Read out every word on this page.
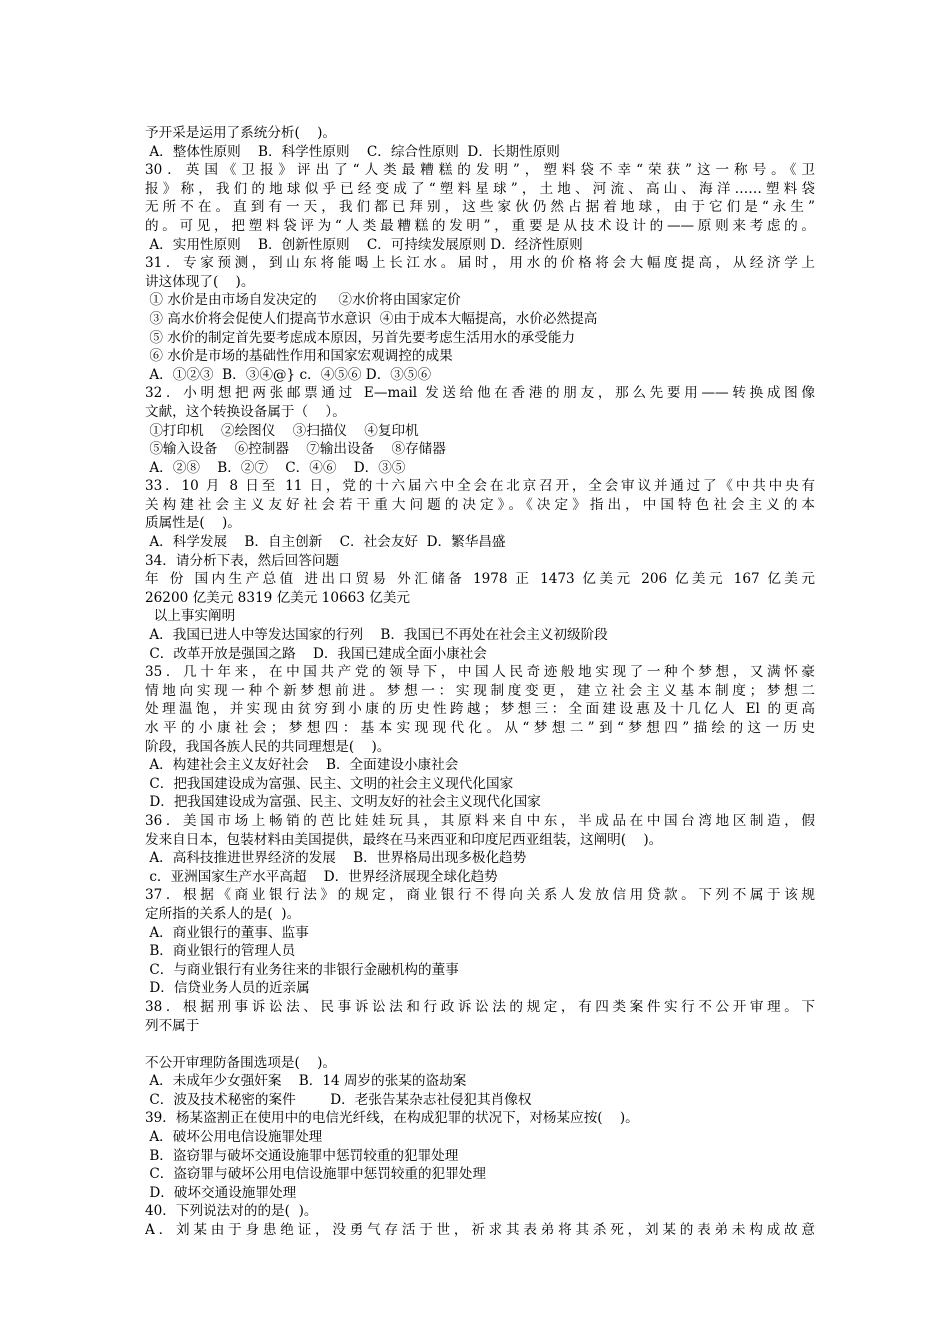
予开采是运用了系统分析(    )。
A．整体性原则    B．科学性原则    C．综合性原则  D．长期性原则
30．英国《卫报》评出了“人类最糟糕的发明”，塑料袋不幸“荣获”这一称号。《卫
报》称，我们的地球似乎已经变成了“塑料星球”，土地、河流、高山、海洋……塑料袋
无所不在。直到有一天，我们都已拜别，这些家伙仍然占据着地球，由于它们是“永生”
的。可见，把塑料袋评为“人类最糟糕的发明”，重要是从技术设计的——原则来考虑的。
A．实用性原则    B．创新性原则    C．可持续发展原则 D．经济性原则
31．专家预测，到山东将能喝上长江水。届时，用水的价格将会大幅度提高，从经济学上
讲这体现了(    )。
① 水价是由市场自发决定的     ②水价将由国家定价
③ 高水价将会促使人们提高节水意识  ④由于成本大幅提高，水价必然提高
⑤ 水价的制定首先要考虑成本原因，另首先要考虑生活用水的承受能力
⑥ 水价是市场的基础性作用和国家宏观调控的成果
A．①②③  B．③④@} c．④⑤⑥ D．③⑤⑥
32．小明想把两张邮票通过 E—mail 发送给他在香港的朋友，那么先要用——转换成图像
文献，这个转换设备属于（    ）。
①打印机    ②绘图仪    ③扫描仪    ④复印机
⑤输入设备    ⑥控制器    ⑦输出设备    ⑧存储器
A．②⑧    B．②⑦    C．④⑥    D．③⑤
33．10 月 8 日至 11 日，党的十六届六中全会在北京召开，全会审议并通过了《中共中央有
关构建社会主义友好社会若干重大问题的决定》。《决定》指出，中国特色社会主义的本
质属性是(    )。
A．科学发展    B．自主创新    C．社会友好  D．繁华昌盛
34．请分析下表，然后回答问题
年 份 国内生产总值 进出口贸易 外汇储备 1978 正 1473 亿美元 206 亿美元 167 亿美元
26200 亿美元 8319 亿美元 10663 亿美元
以上事实阐明
A．我国已进人中等发达国家的行列    B．我国已不再处在社会主义初级阶段
C．改革开放是强国之路    D．我国已建成全面小康社会
35．几十年来，在中国共产党的领导下，中国人民奇迹般地实现了一种个梦想，又满怀豪
情地向实现一种个新梦想前进。梦想一：实现制度变更，建立社会主义基本制度；梦想二
处理温饱，并实现由贫穷到小康的历史性跨越；梦想三：全面建设惠及十几亿人 El 的更高
水平的小康社会；梦想四：基本实现现代化。从“梦想二”到“梦想四”描绘的这一历史
阶段，我国各族人民的共同理想是(    )。
A．构建社会主义友好社会    B．全面建设小康社会
C．把我国建设成为富强、民主、文明的社会主义现代化国家
D．把我国建设成为富强、民主、文明友好的社会主义现代化国家
36．美国市场上畅销的芭比娃娃玩具，其原料来自中东，半成品在中国台湾地区制造，假
发来自日本，包装材料由美国提供，最终在马来西亚和印度尼西亚组装，这阐明(    )。
A．高科技推进世界经济的发展    B．世界格局出现多极化趋势
c．亚洲国家生产水平高超    D．世界经济展现全球化趋势
37．根据《商业银行法》的规定，商业银行不得向关系人发放信用贷款。下列不属于该规
定所指的关系人的是(  )。
A．商业银行的董事、监事
B．商业银行的管理人员
C．与商业银行有业务往来的非银行金融机构的董事
D．信贷业务人员的近亲属
38．根据刑事诉讼法、民事诉讼法和行政诉讼法的规定，有四类案件实行不公开审理。下
列不属于
不公开审理防备围选项是(    )。
A．未成年少女强奸案    B．14 周岁的张某的盗劫案
C．波及技术秘密的案件        D．老张告某杂志社侵犯其肖像权
39．杨某盗割正在使用中的电信光纤线，在构成犯罪的状况下，对杨某应按(    )。
A．破坏公用电信设施罪处理
B．盗窃罪与破坏交通设施罪中惩罚较重的犯罪处理
C．盗窃罪与破坏公用电信设施罪中惩罚较重的犯罪处理
D．破坏交通设施罪处理
40．下列说法对的的是(  )。
A．刘某由于身患绝证，没勇气存活于世，祈求其表弟将其杀死，刘某的表弟未构成故意
